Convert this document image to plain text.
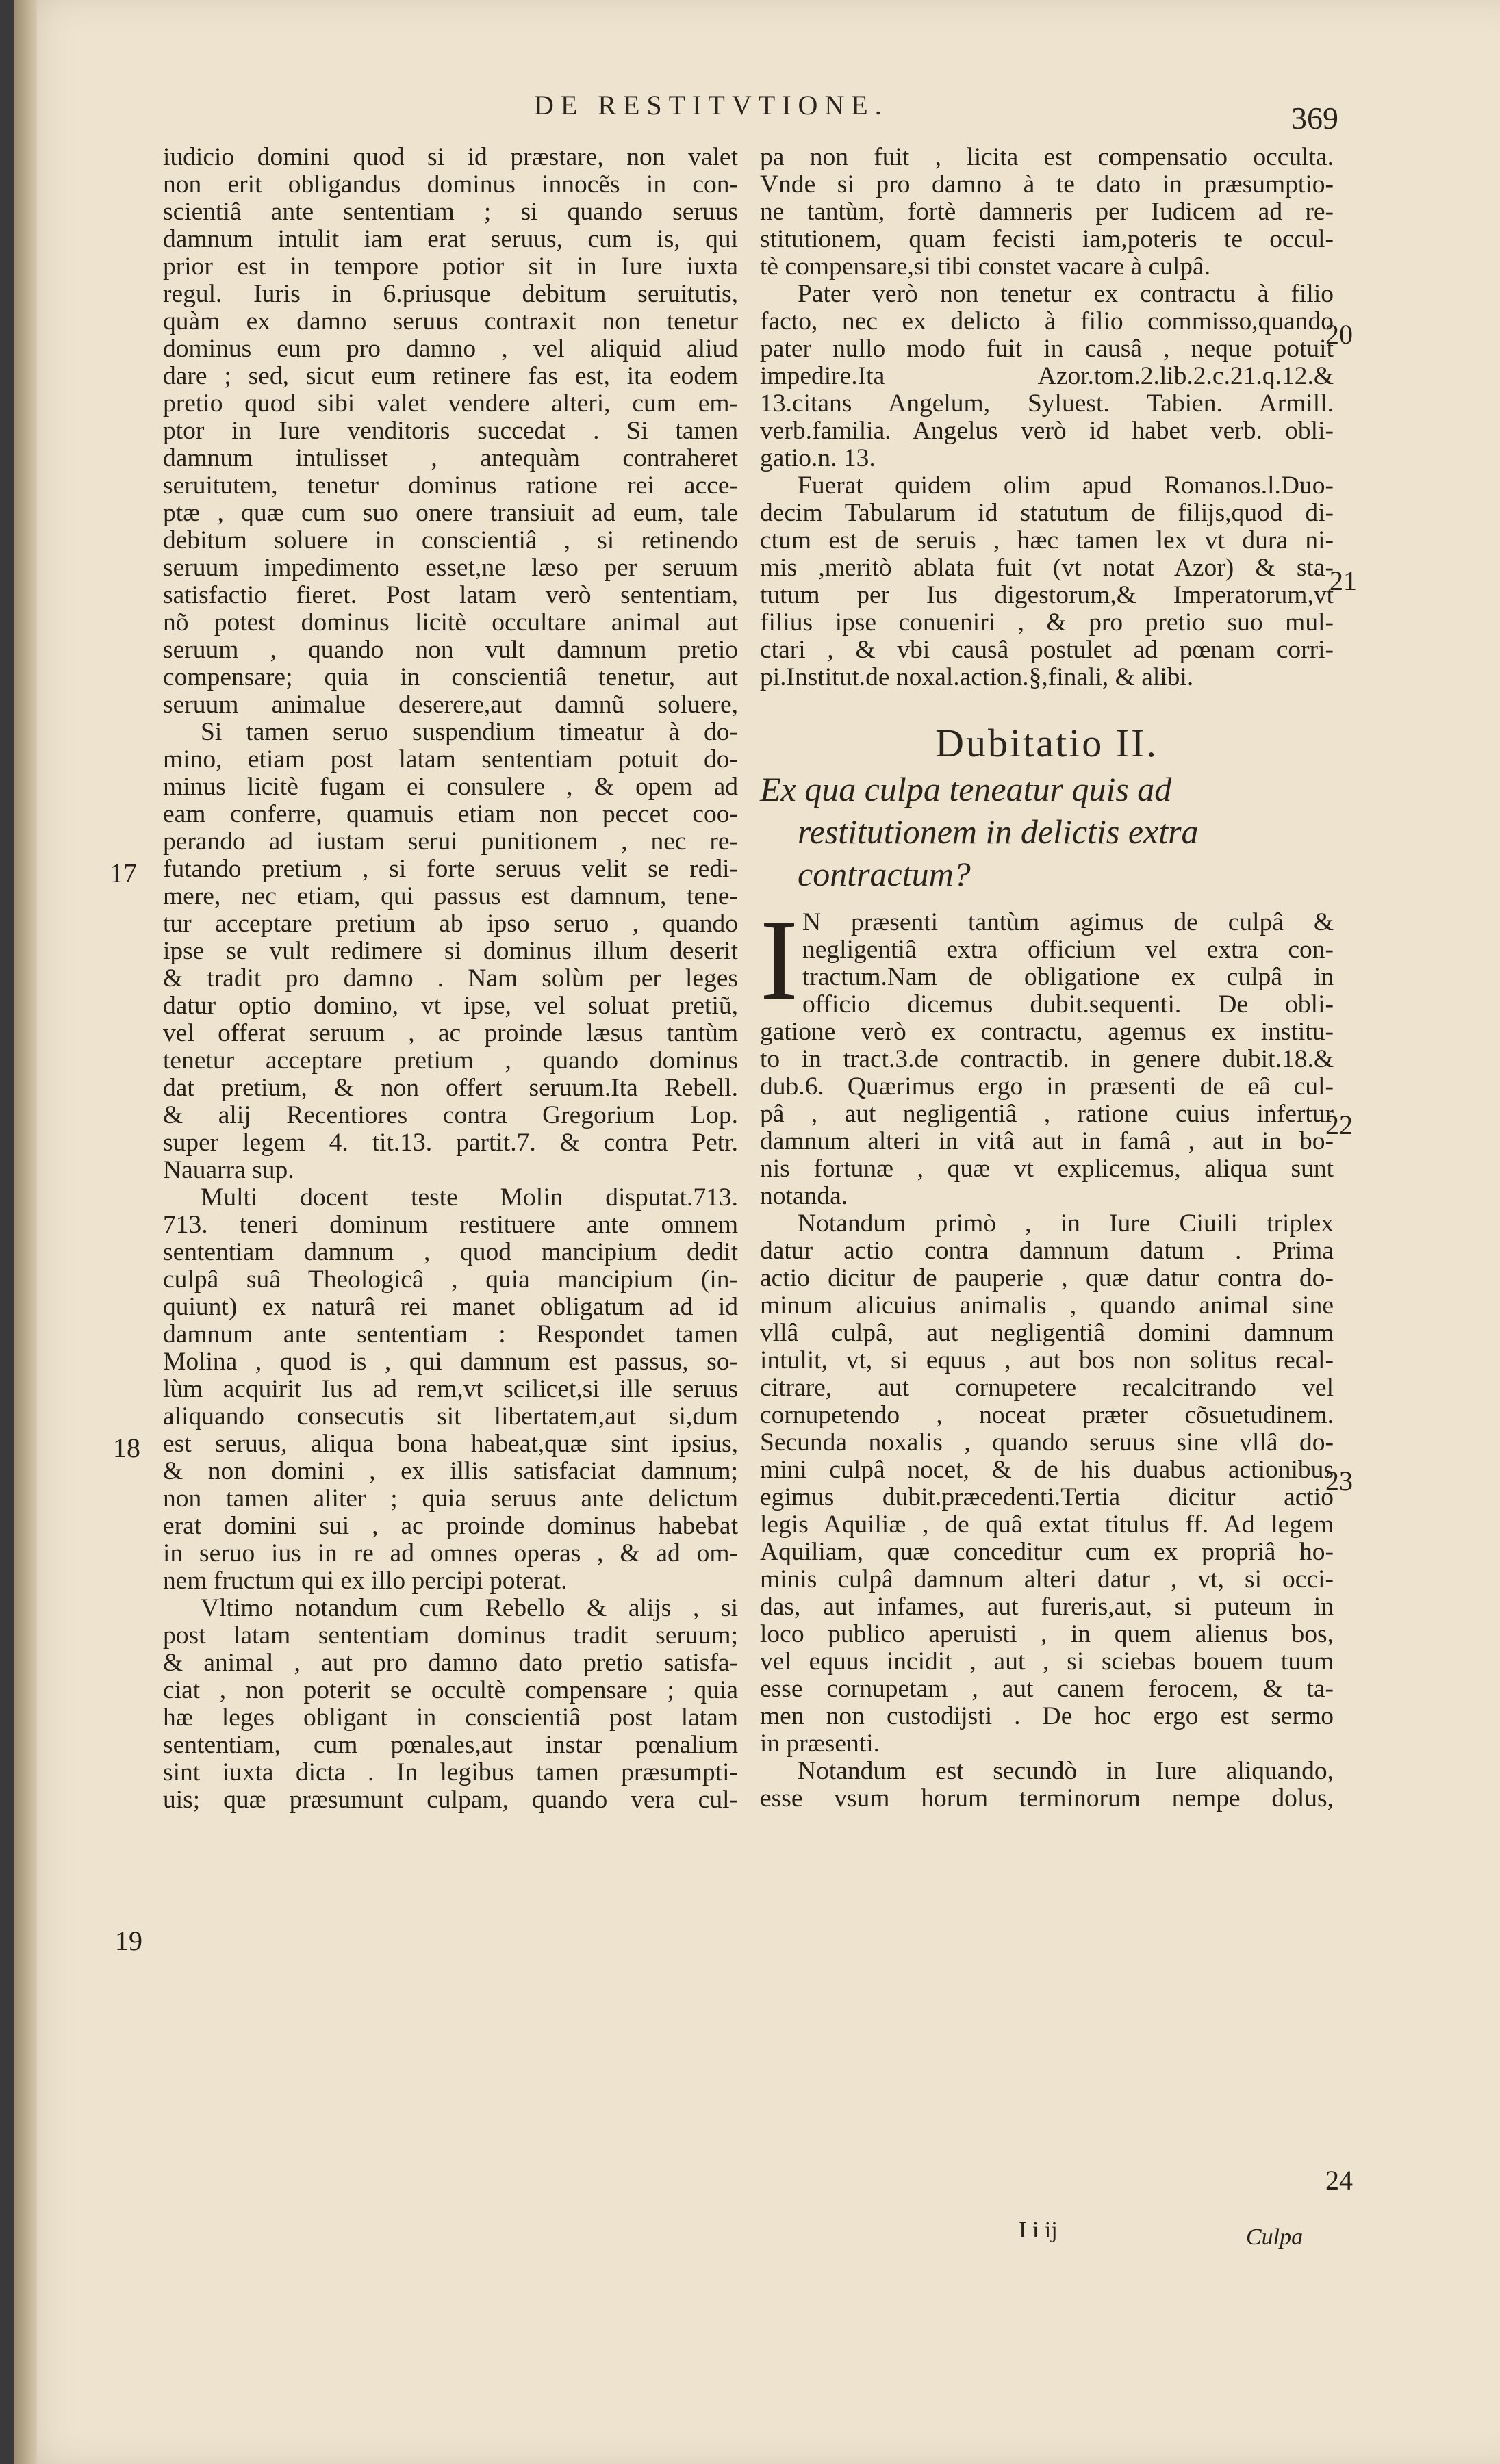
DE RESTITVTIONE.	369
iudicio domini quod si id præstare, non valet
non erit obligandus dominus innocẽs in con-
scientiâ ante sententiam ; si quando seruus
damnum intulit iam erat seruus, cum is, qui
prior est in tempore potior sit in Iure iuxta
regul. Iuris in 6.priusque debitum seruitutis,
quàm ex damno seruus contraxit non tenetur
dominus eum pro damno , vel aliquid aliud
dare ; sed, sicut eum retinere fas est, ita eodem
pretio quod sibi valet vendere alteri, cum em-
ptor in Iure venditoris succedat . Si tamen
damnum intulisset , antequàm contraheret
seruitutem, tenetur dominus ratione rei acce-
ptæ , quæ cum suo onere transiuit ad eum, tale
debitum soluere in conscientiâ , si retinendo
seruum impedimento esset,ne læso per seruum
satisfactio fieret. Post latam verò sententiam,
nõ potest dominus licitè occultare animal aut
seruum , quando non vult damnum pretio
compensare; quia in conscientiâ tenetur, aut
seruum animalue deserere,aut damnũ soluere,
Si tamen seruo suspendium timeatur à do-
mino, etiam post latam sententiam potuit do-
minus licitè fugam ei consulere , & opem ad
eam conferre, quamuis etiam non peccet coo-
perando ad iustam serui punitionem , nec re-
futando pretium , si forte seruus velit se redi-
mere, nec etiam, qui passus est damnum, tene-
tur acceptare pretium ab ipso seruo , quando
ipse se vult redimere si dominus illum deserit
& tradit pro damno . Nam solùm per leges
datur optio domino, vt ipse, vel soluat pretiũ,
vel offerat seruum , ac proinde læsus tantùm
tenetur acceptare pretium , quando dominus
dat pretium, & non offert seruum.Ita Rebell.
& alij Recentiores contra Gregorium Lop.
super legem 4. tit.13. partit.7. & contra Petr.
Nauarra sup.
Multi docent teste Molin disputat.713.
713. teneri dominum restituere ante omnem
sententiam damnum , quod mancipium dedit
culpâ suâ Theologicâ , quia mancipium (in-
quiunt) ex naturâ rei manet obligatum ad id
damnum ante sententiam : Respondet tamen
Molina , quod is , qui damnum est passus, so-
lùm acquirit Ius ad rem,vt scilicet,si ille seruus
aliquando consecutis sit libertatem,aut si,dum
est seruus, aliqua bona habeat,quæ sint ipsius,
& non domini , ex illis satisfaciat damnum;
non tamen aliter ; quia seruus ante delictum
erat domini sui , ac proinde dominus habebat
in seruo ius in re ad omnes operas , & ad om-
nem fructum qui ex illo percipi poterat.
Vltimo notandum cum Rebello & alijs , si
post latam sententiam dominus tradit seruum;
& animal , aut pro damno dato pretio satisfa-
ciat , non poterit se occultè compensare ; quia
hæ leges obligant in conscientiâ post latam
sententiam, cum pœnales,aut instar pœnalium
sint iuxta dicta . In legibus tamen præsumpti-
uis; quæ præsumunt culpam, quando vera cul-
17
18
19
pa non fuit , licita est compensatio occulta.
Vnde si pro damno à te dato in præsumptio-
ne tantùm, fortè damneris per Iudicem ad re-
stitutionem, quam fecisti iam,poteris te occul-
tè compensare,si tibi constet vacare à culpâ.
Pater verò non tenetur ex contractu à filio
facto, nec ex delicto à filio commisso,quando
pater nullo modo fuit in causâ , neque potuit
impedire.Ita Azor.tom.2.lib.2.c.21.q.12.&
13.citans Angelum, Syluest. Tabien. Armill.
verb.familia. Angelus verò id habet verb. obli-
gatio.n. 13.
Fuerat quidem olim apud Romanos.l.Duo-
decim Tabularum id statutum de filijs,quod di-
ctum est de seruis , hæc tamen lex vt dura ni-
mis ,meritò ablata fuit (vt notat Azor) & sta-
tutum per Ius digestorum,& Imperatorum,vt
filius ipse conueniri , & pro pretio suo mul-
ctari , & vbi causâ postulet ad pœnam corri-
pi.Institut.de noxal.action.§,finali, & alibi.
Dubitatio II.
Ex qua culpa teneatur quis ad
restitutionem in delictis extra
contractum?
I N præsenti tantùm agimus de culpâ &
negligentiâ extra officium vel extra con-
tractum.Nam de obligatione ex culpâ in
officio dicemus dubit.sequenti. De obli-
gatione verò ex contractu, agemus ex institu-
to in tract.3.de contractib. in genere dubit.18.&
dub.6. Quærimus ergo in præsenti de eâ cul-
pâ , aut negligentiâ , ratione cuius infertur
damnum alteri in vitâ aut in famâ , aut in bo-
nis fortunæ , quæ vt explicemus, aliqua sunt
notanda.
Notandum primò , in Iure Ciuili triplex
datur actio contra damnum datum . Prima
actio dicitur de pauperie , quæ datur contra do-
minum alicuius animalis , quando animal sine
vllâ culpâ, aut negligentiâ domini damnum
intulit, vt, si equus , aut bos non solitus recal-
citrare, aut cornupetere recalcitrando vel
cornupetendo , noceat præter cõsuetudinem.
Secunda noxalis , quando seruus sine vllâ do-
mini culpâ nocet, & de his duabus actionibus
egimus dubit.præcedenti.Tertia dicitur actio
legis Aquiliæ , de quâ extat titulus ff. Ad legem
Aquiliam, quæ conceditur cum ex propriâ ho-
minis culpâ damnum alteri datur , vt, si occi-
das, aut infames, aut fureris,aut, si puteum in
loco publico aperuisti , in quem alienus bos,
vel equus incidit , aut , si sciebas bouem tuum
esse cornupetam , aut canem ferocem, & ta-
men non custodijsti . De hoc ergo est sermo
in præsenti.
Notandum est secundò in Iure aliquando,
esse vsum horum terminorum nempe dolus,
20
21
22
23
24
I i ij	Culpa
